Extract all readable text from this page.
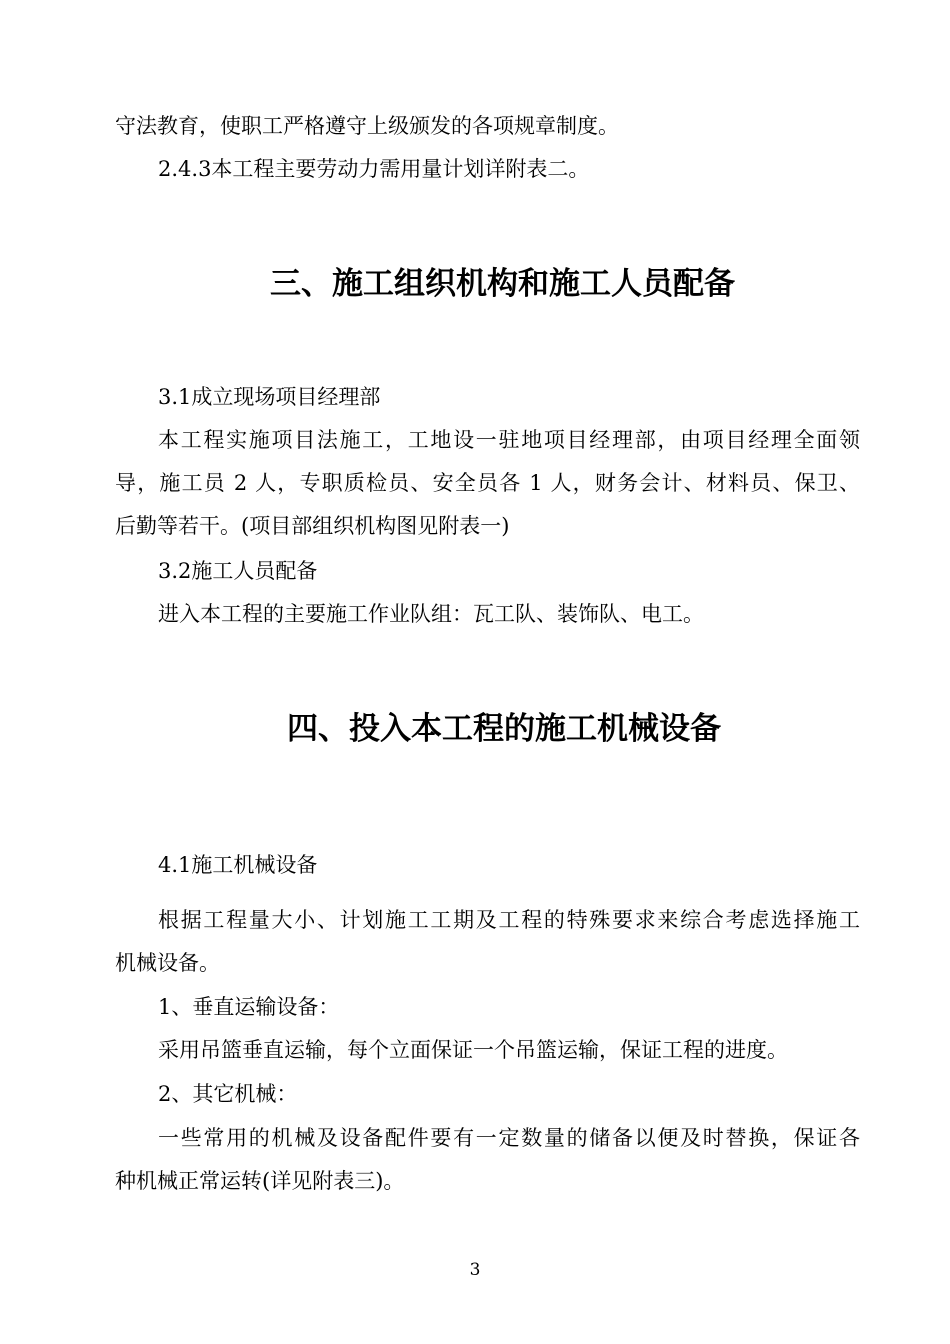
守法教育，使职工严格遵守上级颁发的各项规章制度。
2.4.3本工程主要劳动力需用量计划详附表二。
三、施工组织机构和施工人员配备
3.1成立现场项目经理部
本工程实施项目法施工，工地设一驻地项目经理部，由项目经理全面领
导，施工员 2 人，专职质检员、安全员各 1 人，财务会计、材料员、保卫、
后勤等若干。(项目部组织机构图见附表一)
3.2施工人员配备
进入本工程的主要施工作业队组：瓦工队、装饰队、电工。
四、投入本工程的施工机械设备
4.1施工机械设备
根据工程量大小、计划施工工期及工程的特殊要求来综合考虑选择施工
机械设备。
1、垂直运输设备：
采用吊篮垂直运输，每个立面保证一个吊篮运输，保证工程的进度。
2、其它机械：
一些常用的机械及设备配件要有一定数量的储备以便及时替换，保证各
种机械正常运转(详见附表三)。
3
